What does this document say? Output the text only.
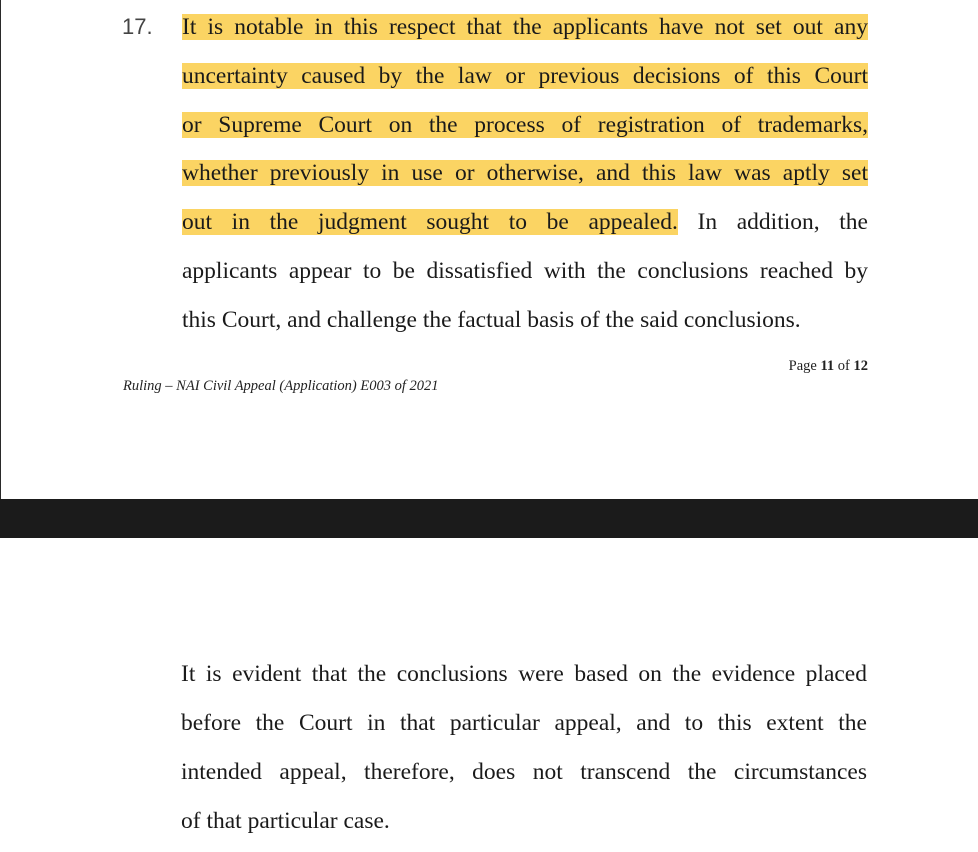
17. It is notable in this respect that the applicants have not set out any
uncertainty caused by the law or previous decisions of this Court
or Supreme Court on the process of registration of trademarks,
whether previously in use or otherwise, and this law was aptly set
out in the judgment sought to be appealed. In addition, the
applicants appear to be dissatisfied with the conclusions reached by
this Court, and challenge the factual basis of the said conclusions.
Page 11 of 12
Ruling – NAI Civil Appeal (Application) E003 of 2021
It is evident that the conclusions were based on the evidence placed
before the Court in that particular appeal, and to this extent the
intended appeal, therefore, does not transcend the circumstances
of that particular case.
